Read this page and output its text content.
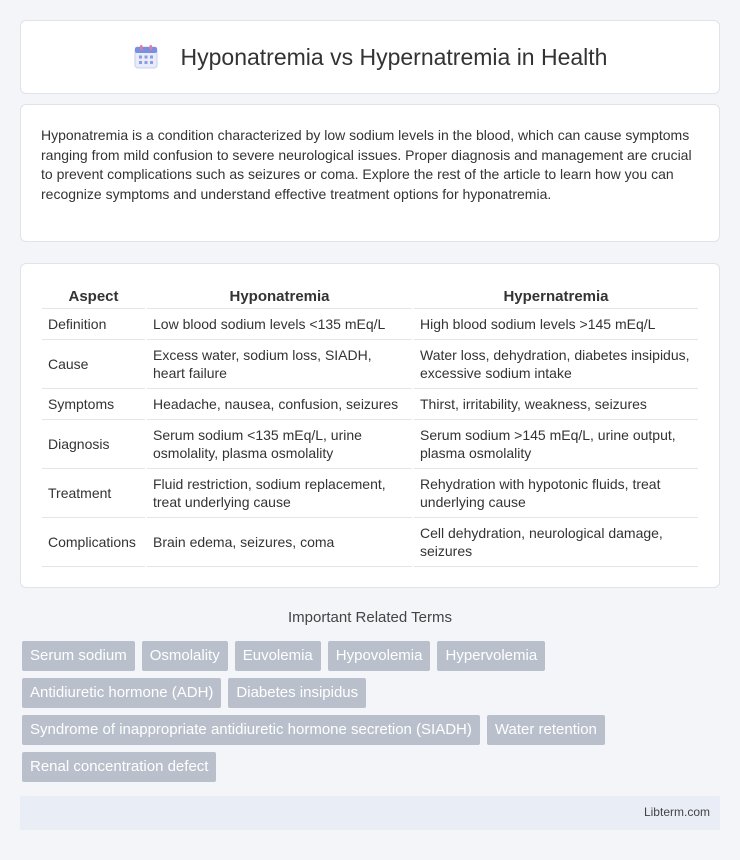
Hyponatremia vs Hypernatremia in Health

Hyponatremia is a condition characterized by low sodium levels in the blood, which can cause symptoms ranging from mild confusion to severe neurological issues. Proper diagnosis and management are crucial to prevent complications such as seizures or coma. Explore the rest of the article to learn how you can recognize symptoms and understand effective treatment options for hyponatremia.

Aspect	Hyponatremia	Hypernatremia
Definition	Low blood sodium levels <135 mEq/L	High blood sodium levels >145 mEq/L
Cause	Excess water, sodium loss, SIADH, heart failure	Water loss, dehydration, diabetes insipidus, excessive sodium intake
Symptoms	Headache, nausea, confusion, seizures	Thirst, irritability, weakness, seizures
Diagnosis	Serum sodium <135 mEq/L, urine osmolality, plasma osmolality	Serum sodium >145 mEq/L, urine output, plasma osmolality
Treatment	Fluid restriction, sodium replacement, treat underlying cause	Rehydration with hypotonic fluids, treat underlying cause
Complications	Brain edema, seizures, coma	Cell dehydration, neurological damage, seizures
Important Related Terms
Serum sodium	Osmolality	Euvolemia	Hypovolemia	Hypervolemia
Antidiuretic hormone (ADH)	Diabetes insipidus
Syndrome of inappropriate antidiuretic hormone secretion (SIADH)	Water retention
Renal concentration defect
Libterm.com
